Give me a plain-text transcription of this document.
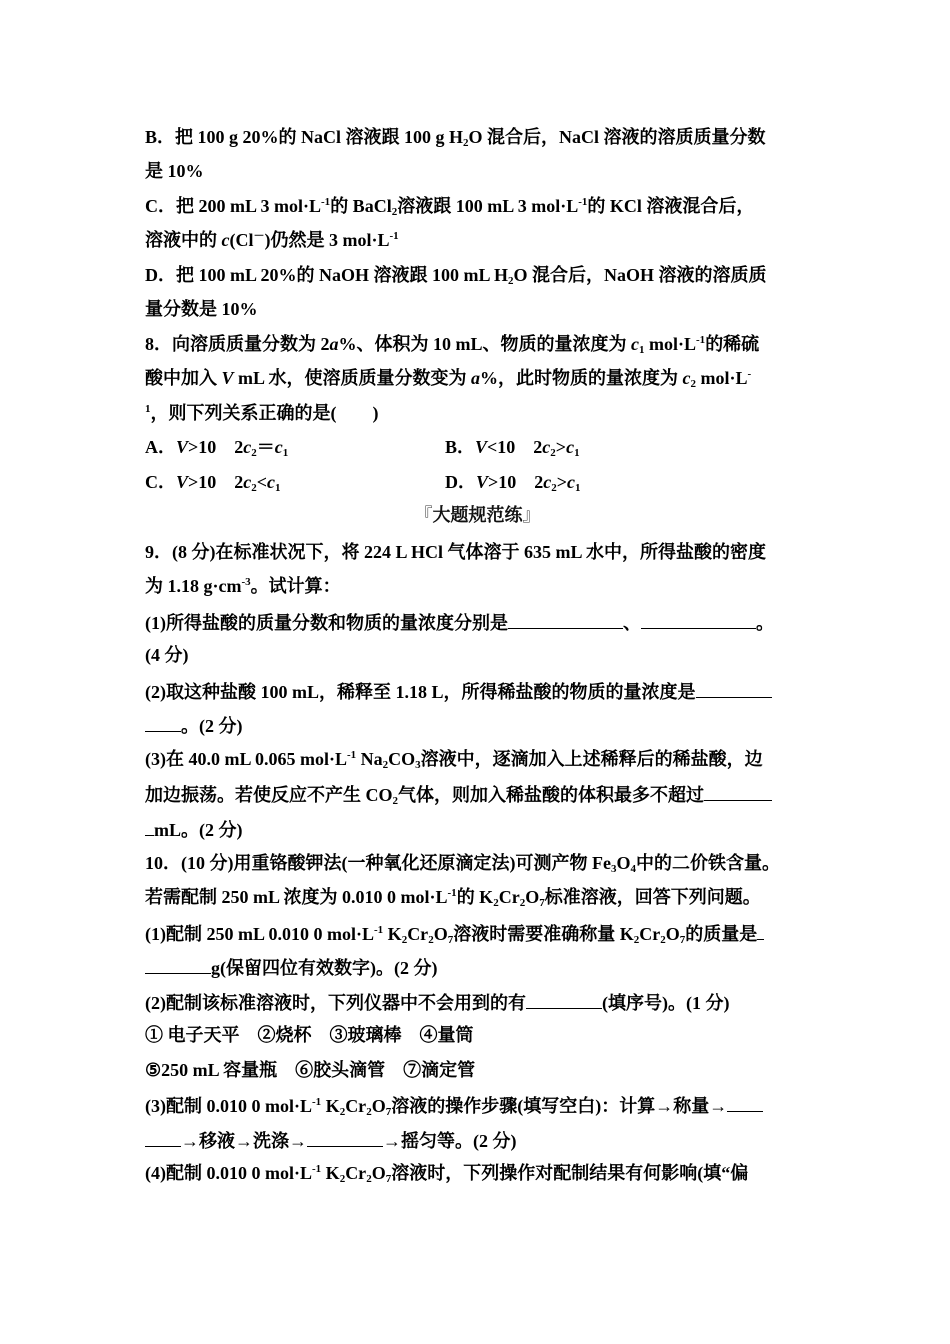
B．把 100 g 20%的 NaCl 溶液跟 100 g $H_2O$ 混合后，NaCl 溶液的溶质质量分数
是 10%
C．把 200 mL 3 $mol\cdot L^{-1}$的 BaCl$_2$溶液跟 100 mL 3 $mol\cdot L^{-1}$的 KCl 溶液混合后，
溶液中的 c(Cl－)仍然是 3 $mol\cdot L^{-1}$
D．把 100 mL 20%的 NaOH 溶液跟 100 mL $H_2O$ 混合后，NaOH 溶液的溶质质
量分数是 10%
8．向溶质质量分数为 2a%、体积为 10 mL、物质的量浓度为 $c_1$ $mol\cdot L^{-1}$的稀硫
酸中加入 V mL 水，使溶质质量分数变为 a%，此时物质的量浓度为 $c_2$ mol·L-
$^1$，则下列关系正确的是(　　)
A．V>10　$2c_2=c_1$	B．V<10　$2c_2>c_1$
C．V>10　$2c_2<c_1$	D．V>10　$2c_2>c_1$
『大题规范练』
9．(8 分)在标准状况下，将 224 L HCl 气体溶于 635 mL 水中，所得盐酸的密度
为 1.18 $g\cdot cm^{-3}$。试计算：
(1)所得盐酸的质量分数和物质的量浓度分别是	、	。
(4 分)
(2)取这种盐酸 100 mL，稀释至 1.18 L，所得稀盐酸的物质的量浓度是
。(2 分)
(3)在 40.0 mL 0.065 $mol\cdot L^{-1}$ $Na_2CO_3$溶液中，逐滴加入上述稀释后的稀盐酸，边
加边振荡。若使反应不产生 $CO_2$气体，则加入稀盐酸的体积最多不超过
mL。(2 分)
10．(10 分)用重铬酸钾法(一种氧化还原滴定法)可测产物 $Fe_3O_4$中的二价铁含量。
若需配制 250 mL 浓度为 0.010 0 $mol\cdot L^{-1}$的 $K_2Cr_2O_7$标准溶液，回答下列问题。
(1)配制 250 mL 0.010 0 $mol\cdot L^{-1}$ $K_2Cr_2O_7$溶液时需要准确称量 $K_2Cr_2O_7$的质量是
g(保留四位有效数字)。(2 分)
(2)配制该标准溶液时，下列仪器中不会用到的有	(填序号)。(1 分)
① 电子天平　②烧杯　③玻璃棒　④量筒
⑤250 mL 容量瓶　⑥胶头滴管　⑦滴定管
(3)配制 0.010 0 $mol\cdot L^{-1}$ $K_2Cr_2O_7$溶液的操作步骤(填写空白)：计算→称量→
→移液→洗涤→	→摇匀等。(2 分)
(4)配制 0.010 0 $mol\cdot L^{-1}$ $K_2Cr_2O_7$溶液时，下列操作对配制结果有何影响(填“偏
